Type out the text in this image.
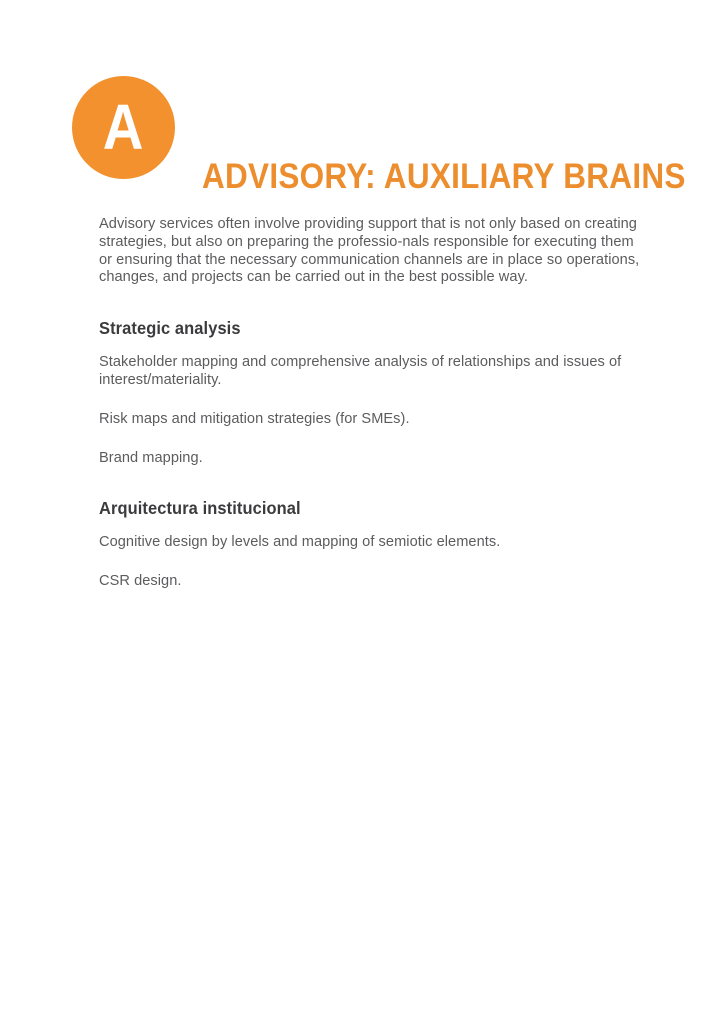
A
ADVISORY: AUXILIARY BRAINS

Advisory services often involve providing support that is not only based on creating strategies, but also on preparing the professio-nals responsible for executing them or ensuring that the necessary communication channels are in place so operations, changes, and projects can be carried out in the best possible way.

Strategic analysis

Stakeholder mapping and comprehensive analysis of relationships and issues of interest/materiality.

Risk maps and mitigation strategies (for SMEs).

Brand mapping.

Arquitectura institucional

Cognitive design by levels and mapping of semiotic elements.

CSR design.
